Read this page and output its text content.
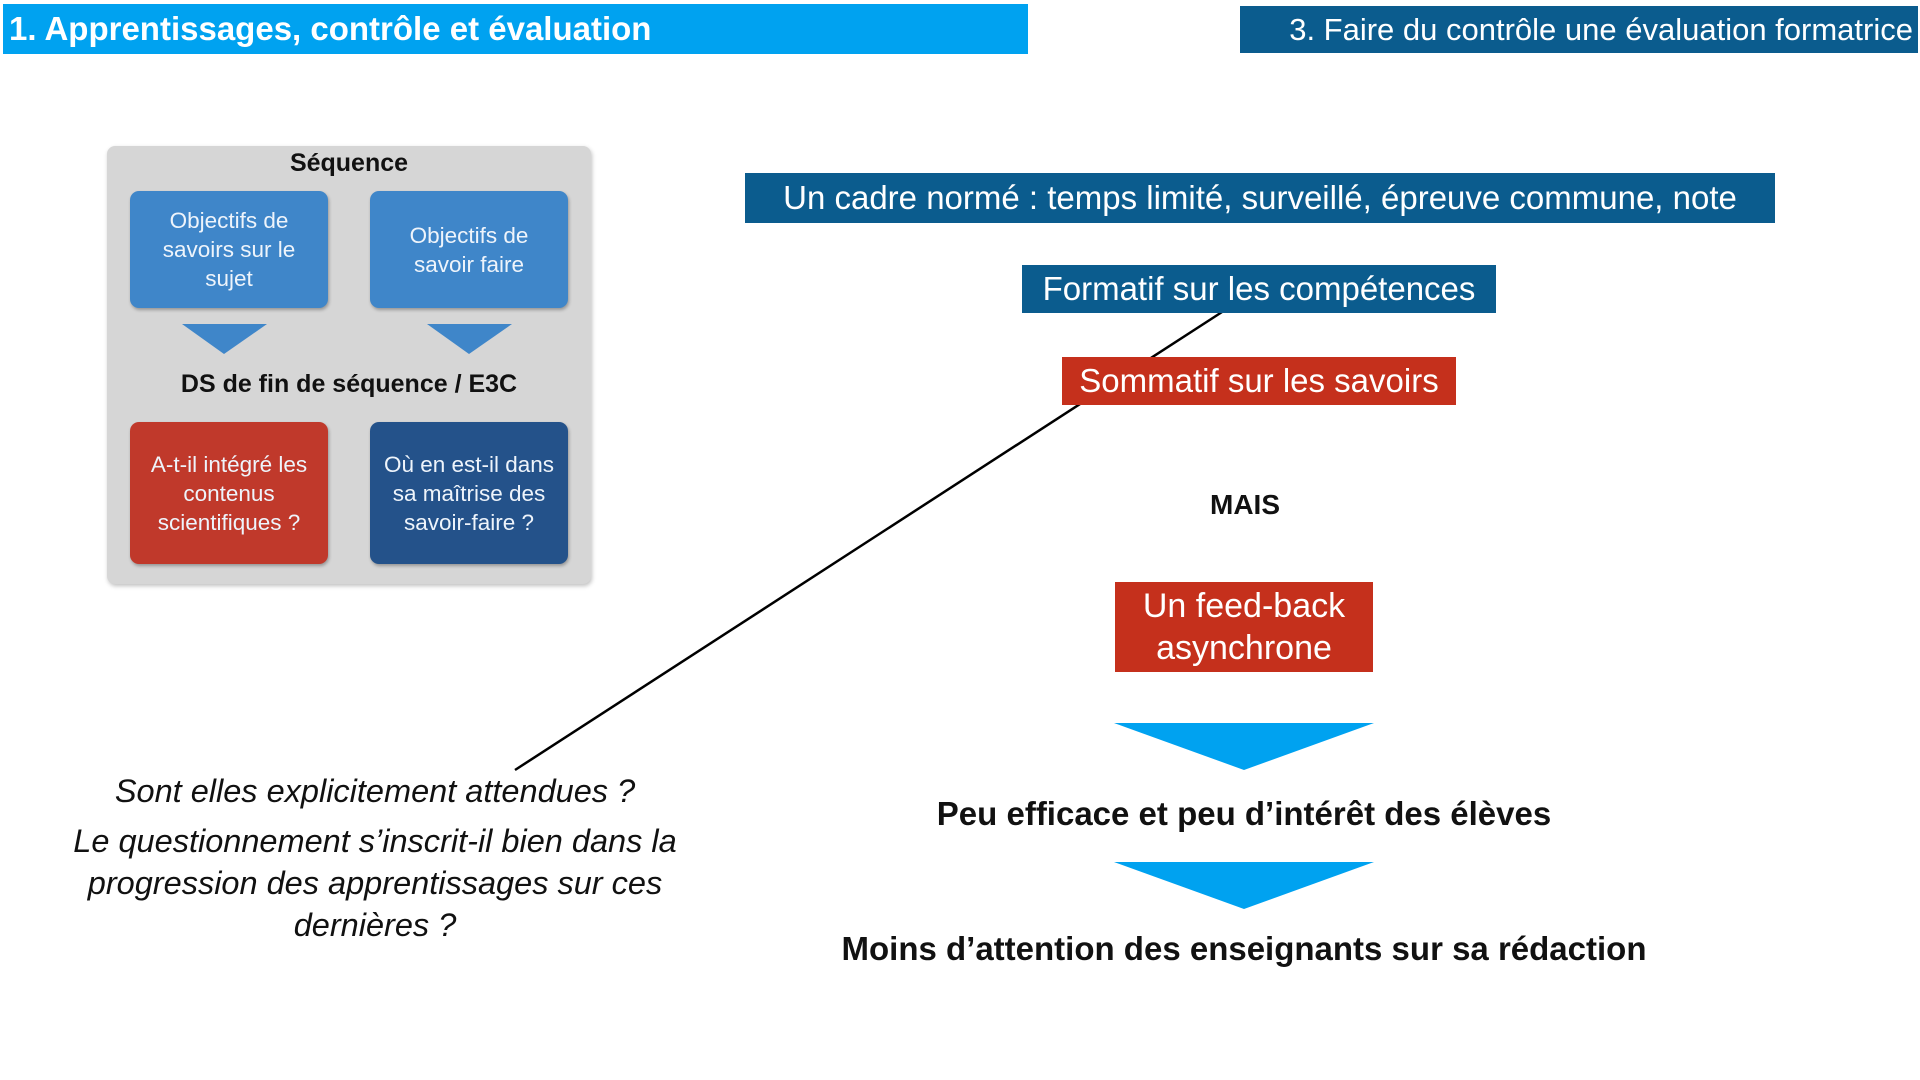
1. Apprentissages, contrôle et évaluation	3. Faire du contrôle une évaluation formatrice
Séquence
Objectifs de savoirs sur le sujet
Objectifs de savoir faire
DS de fin de séquence / E3C
A-t-il intégré les contenus scientifiques ?
Où en est-il dans sa maîtrise des savoir-faire ?
Sont elles explicitement attendues ?
Le questionnement s’inscrit-il bien dans la progression des apprentissages sur ces dernières ?
Un cadre normé : temps limité, surveillé, épreuve commune, note
Formatif sur les compétences
Sommatif sur les savoirs
MAIS
Un feed-back asynchrone
Peu efficace et peu d’intérêt des élèves
Moins d’attention des enseignants sur sa rédaction
